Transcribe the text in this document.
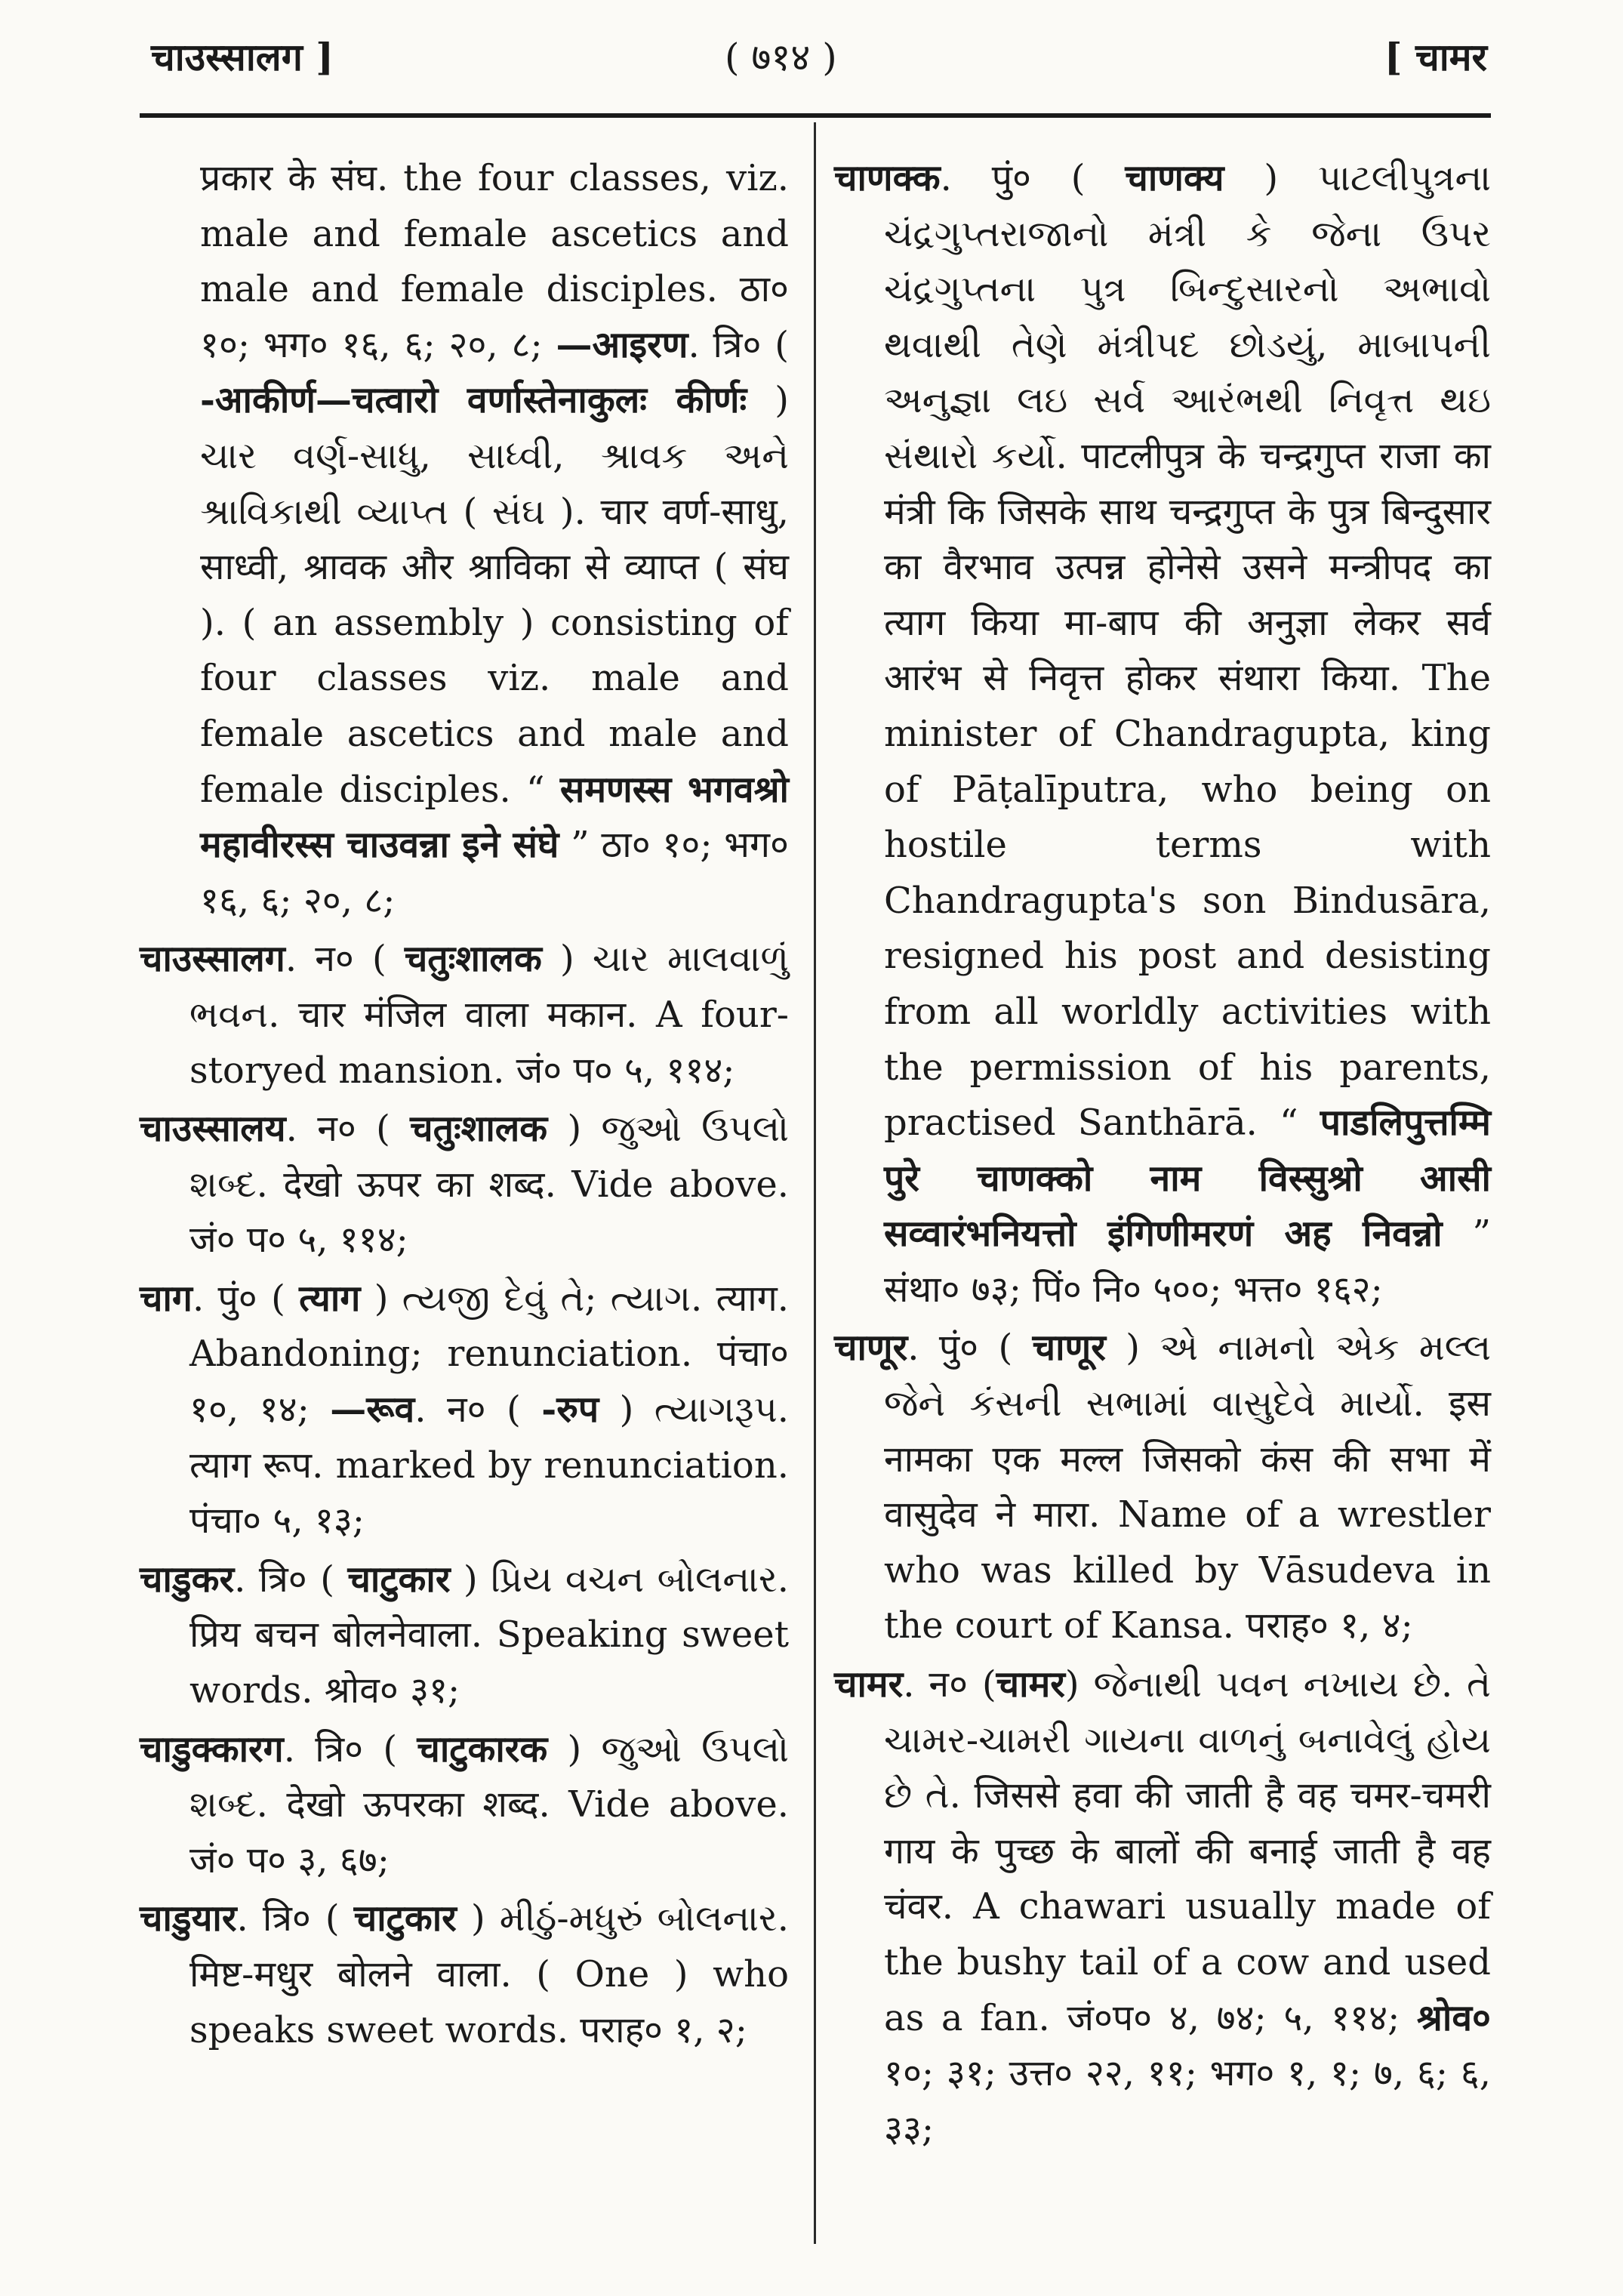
चाउस्सालग ]	( ७१४ )	[ चामर
प्रकार के संघ. the four classes, viz. male and female ascetics and male and female disciples. ठा० १०; भग० १६, ६; २०, ८; —आइरण. त्रि० ( -आकीर्ण—चत्वारो वर्णास्तेनाकुलः कीर्णः ) ચાર વર્ણ-સાધુ, સાધ્વી, શ્રાવક અને શ્રાવિકાથી વ્યાપ્ત ( સંઘ ). चार वर्ण-साधु, साध्वी, श्रावक और श्राविका से व्याप्त ( संघ ). ( an assembly ) consisting of four classes viz. male and female ascetics and male and female disciples. “ समणस्स भगवश्रो महावीरस्स चाउवन्ना इने संघे ” ठा० १०; भग० १६, ६; २०, ८;
चाउस्सालग. न० ( चतुःशालक ) ચાર માલવાળું ભવન. चार मंजिल वाला मकान. A four-storyed mansion. जं० प० ५, ११४;
चाउस्सालय. न० ( चतुःशालक ) જુઓ ઉપલો શબ્દ. देखो ऊपर का शब्द. Vide above. जं० प० ५, ११४;
चाग. पुं० ( त्याग ) ત્યજી દેવું તે; ત્યાગ. त्याग. Abandoning; renunciation. पंचा० १०, १४; —रूव. न० ( -रुप ) ત્યાગરૂપ. त्याग रूप. marked by renunciation. पंचा० ५, १३;
चाडुकर. त्रि० ( चाटुकार ) પ્રિય વચન બોલનાર. प्रिय बचन बोलनेवाला. Speaking sweet words. श्रोव० ३१;
चाडुक्कारग. त्रि० ( चाटुकारक ) જુઓ ઉપલો શબ્દ. देखो ऊपरका शब्द. Vide above. जं० प० ३, ६७;
चाडुयार. त्रि० ( चाटुकार ) મીઠું-મધુરું બોલનાર. मिष्ट-मधुर बोलने वाला. ( One ) who speaks sweet words. पराह० १, २;
चाणक्क. पुं० ( चाणक्य ) પાટલીપુત્રના ચંદ્રગુપ્તરાજાનો મંત્રી કે જેના ઉપર ચંદ્રગુપ્તના પુત્ર બિન્દુસારનો અભાવો થવાથી તેણે મંત્રીપદ છોડયું, માબાપની અનુજ્ઞા લઇ સર્વ આરંભથી નિવૃત્ત થઇ સંથારો કર્યો. पाटलीपुत्र के चन्द्रगुप्त राजा का मंत्री कि जिसके साथ चन्द्रगुप्त के पुत्र बिन्दुसार का वैरभाव उत्पन्न होनेसे उसने मन्त्रीपद का त्याग किया मा-बाप की अनुज्ञा लेकर सर्व आरंभ से निवृत्त होकर संथारा किया. The minister of Chandragupta, king of Pāṭalīputra, who being on hostile terms with Chandragupta's son Bindusāra, resigned his post and desisting from all worldly activities with the permission of his parents, practised Santhārā. “ पाडलिपुत्तम्मि पुरे चाणक्को नाम विस्सुश्रो आसी सव्वारंभनियत्तो इंगिणीमरणं अह निवन्नो ” संथा० ७३; पिं० नि० ५००; भत्त० १६२;
चाणूर. पुं० ( चाणूर ) એ નામનો એક મલ્લ જેને કંસની સભામાં વાસુદેવે માર્યો. इस नामका एक मल्ल जिसको कंस की सभा में वासुदेव ने मारा. Name of a wrestler who was killed by Vāsudeva in the court of Kansa. पराह० १, ४;
चामर. न० (चामर) જેનાથી પવન નખાય છે. તે ચામર-ચામરી ગાયના વાળનું બનાવેલું હોય છે તે. जिससे हवा की जाती है वह चमर-चमरी गाय के पुच्छ के बालों की बनाई जाती है वह चंवर. A chawari usually made of the bushy tail of a cow and used as a fan. जं०प० ४, ७४; ५, ११४; श्रोव० १०; ३१; उत्त० २२, ११; भग० १, १; ७, ६; ६, ३३;
